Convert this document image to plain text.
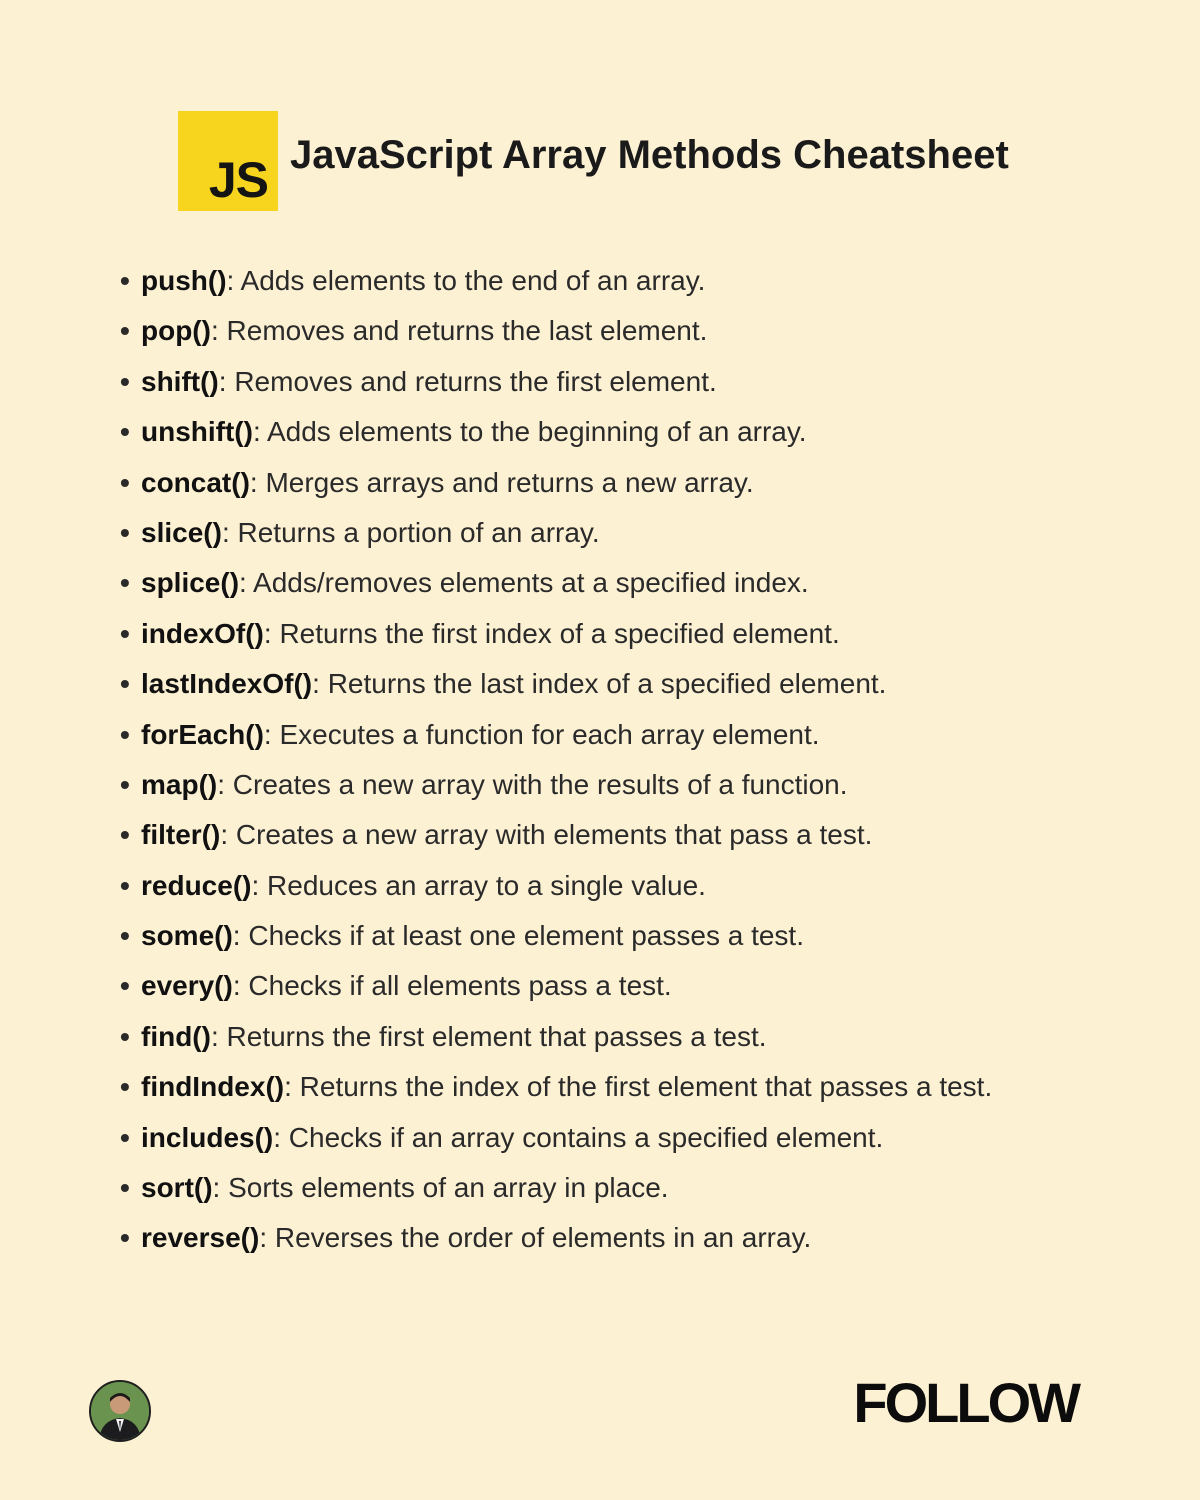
JS JavaScript Array Methods Cheatsheet
• push(): Adds elements to the end of an array.
• pop(): Removes and returns the last element.
• shift(): Removes and returns the first element.
• unshift(): Adds elements to the beginning of an array.
• concat(): Merges arrays and returns a new array.
• slice(): Returns a portion of an array.
• splice(): Adds/removes elements at a specified index.
• indexOf(): Returns the first index of a specified element.
• lastIndexOf(): Returns the last index of a specified element.
• forEach(): Executes a function for each array element.
• map(): Creates a new array with the results of a function.
• filter(): Creates a new array with elements that pass a test.
• reduce(): Reduces an array to a single value.
• some(): Checks if at least one element passes a test.
• every(): Checks if all elements pass a test.
• find(): Returns the first element that passes a test.
• findIndex(): Returns the index of the first element that passes a test.
• includes(): Checks if an array contains a specified element.
• sort(): Sorts elements of an array in place.
• reverse(): Reverses the order of elements in an array.
FOLLOW
